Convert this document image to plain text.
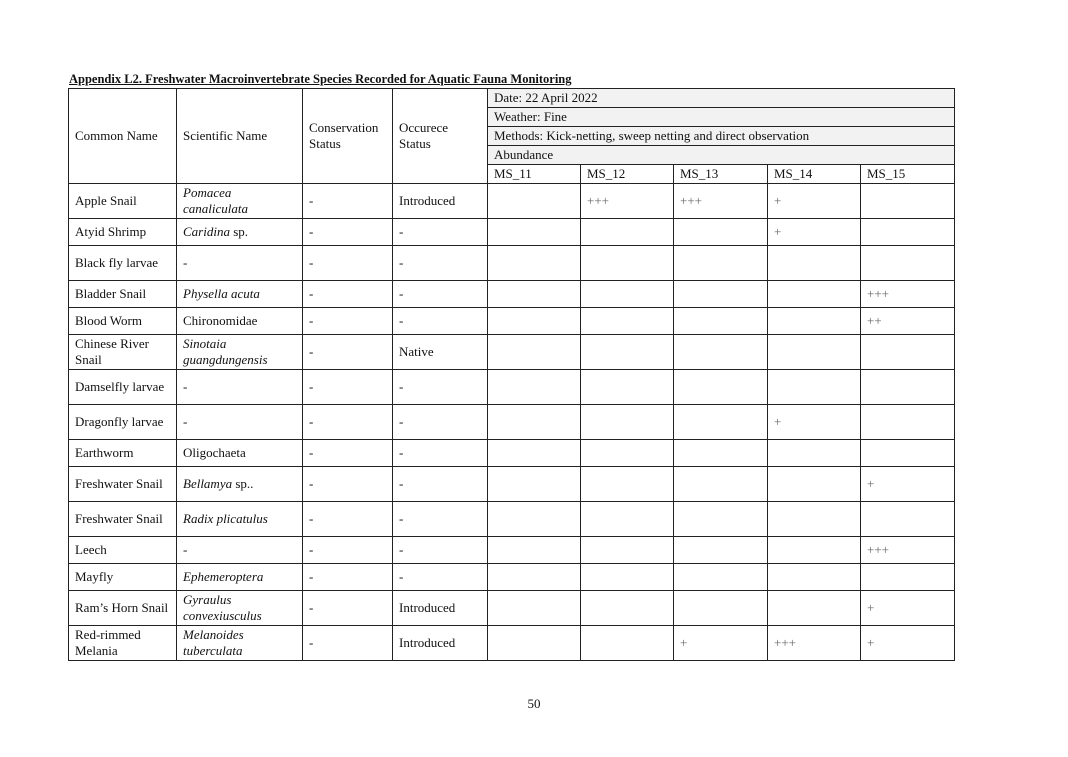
Appendix L2. Freshwater Macroinvertebrate Species Recorded for Aquatic Fauna Monitoring
Common Name	Scientific Name	Conservation Status	Occurece Status	Date: 22 April 2022				
				Weather: Fine				
				Methods: Kick-netting, sweep netting and direct observation				
				Abundance				
				MS_11	MS_12	MS_13	MS_14	MS_15
Apple Snail	Pomacea canaliculata	-	Introduced		+++	+++	+	
Atyid Shrimp	Caridina sp.	-	-				+	
Black fly larvae	-	-	-					
Bladder Snail	Physella acuta	-	-					+++
Blood Worm	Chironomidae	-	-					++
Chinese River Snail	Sinotaia guangdungensis	-	Native					
Damselfly larvae	-	-	-					
Dragonfly larvae	-	-	-				+	
Earthworm	Oligochaeta	-	-					
Freshwater Snail	Bellamya sp..	-	-					+
Freshwater Snail	Radix plicatulus	-	-					
Leech	-	-	-					+++
Mayfly	Ephemeroptera	-	-					
Ram’s Horn Snail	Gyraulus convexiusculus	-	Introduced					+
Red-rimmed Melania	Melanoides tuberculata	-	Introduced			+	+++	+
50
